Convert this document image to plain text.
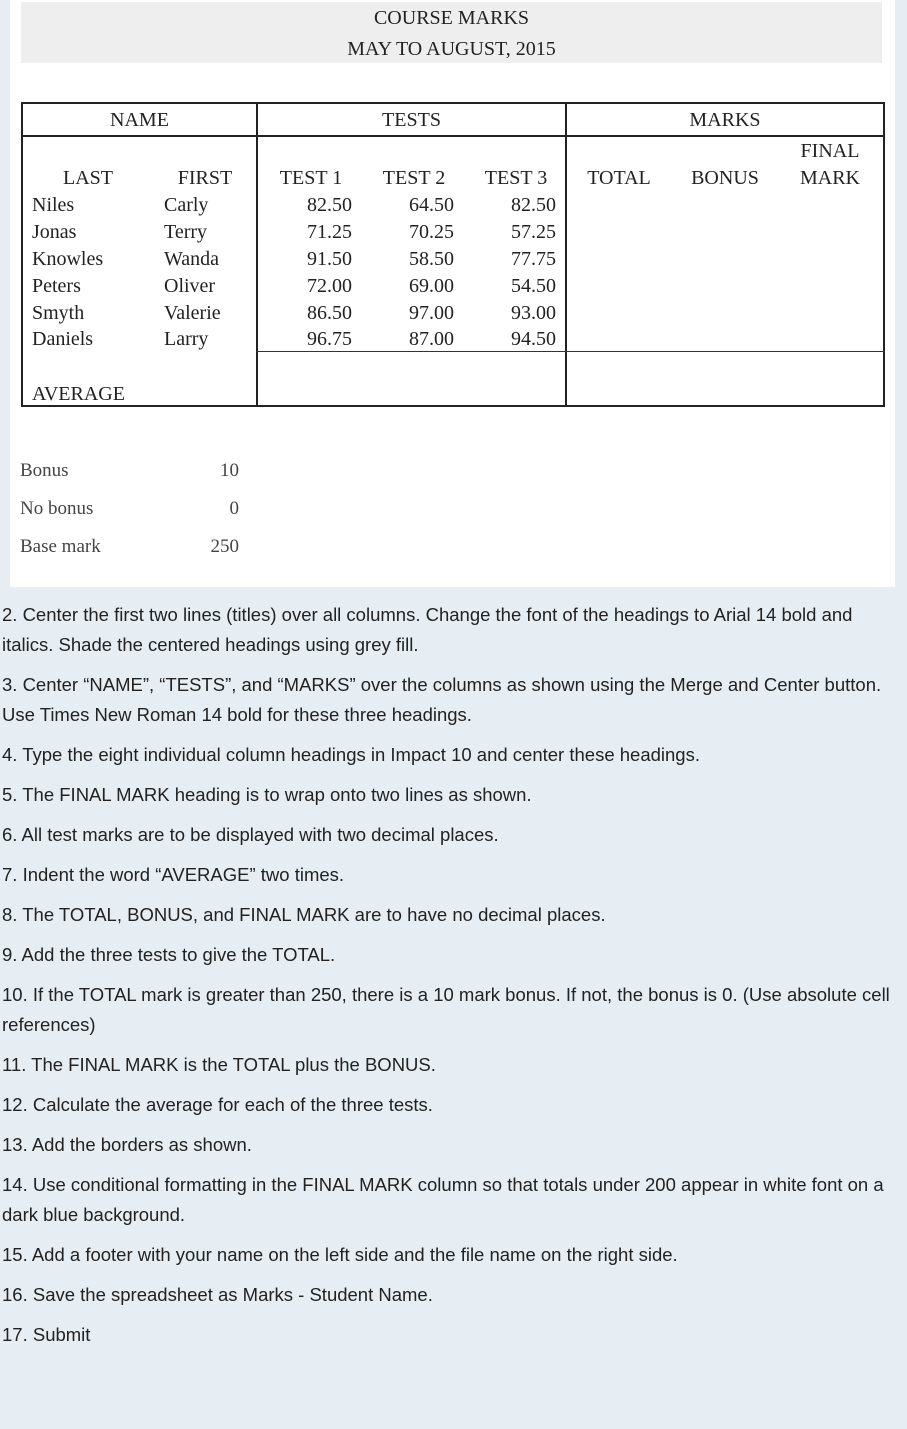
COURSE MARKS
MAY TO AUGUST, 2015
NAME	TESTS	MARKS
LAST	FIRST	TEST 1	TEST 2	TEST 3	TOTAL	BONUS
FINAL
MARK
Niles	Carly	82.50	64.50	82.50
Jonas	Terry	71.25	70.25	57.25
Knowles	Wanda	91.50	58.50	77.75
Peters	Oliver	72.00	69.00	54.50
Smyth	Valerie	86.50	97.00	93.00
Daniels	Larry	96.75	87.00	94.50
AVERAGE
Bonus	10
No bonus	0
Base mark	250

2. Center the first two lines (titles) over all columns. Change the font of the headings to Arial 14 bold and italics. Shade the centered headings using grey fill.

3. Center “NAME”, “TESTS”, and “MARKS” over the columns as shown using the Merge and Center button. Use Times New Roman 14 bold for these three headings.

4. Type the eight individual column headings in Impact 10 and center these headings.

5. The FINAL MARK heading is to wrap onto two lines as shown.

6. All test marks are to be displayed with two decimal places.

7. Indent the word “AVERAGE” two times.

8. The TOTAL, BONUS, and FINAL MARK are to have no decimal places.

9. Add the three tests to give the TOTAL.

10. If the TOTAL mark is greater than 250, there is a 10 mark bonus. If not, the bonus is 0. (Use absolute cell references)

11. The FINAL MARK is the TOTAL plus the BONUS.

12. Calculate the average for each of the three tests.

13. Add the borders as shown.

14. Use conditional formatting in the FINAL MARK column so that totals under 200 appear in white font on a dark blue background.

15. Add a footer with your name on the left side and the file name on the right side.

16. Save the spreadsheet as Marks - Student Name.

17. Submit
